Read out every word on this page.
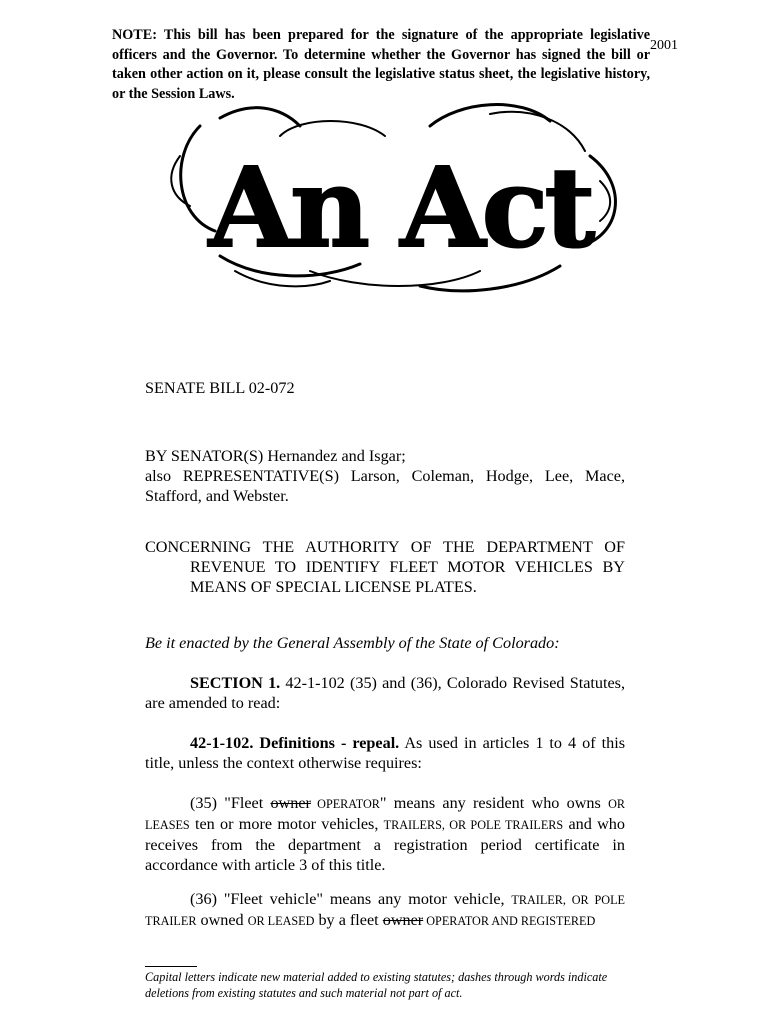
NOTE: This bill has been prepared for the signature of the appropriate legislative officers and the Governor. To determine whether the Governor has signed the bill or taken other action on it, please consult the legislative status sheet, the legislative history, or the Session Laws.
2001
An Act
SENATE BILL 02-072
BY SENATOR(S) Hernandez and Isgar;
also REPRESENTATIVE(S) Larson, Coleman, Hodge, Lee, Mace, Stafford, and Webster.
CONCERNING THE AUTHORITY OF THE DEPARTMENT OF
REVENUE TO IDENTIFY FLEET MOTOR VEHICLES BY MEANS OF SPECIAL LICENSE PLATES.
Be it enacted by the General Assembly of the State of Colorado:
SECTION 1. 42-1-102 (35) and (36), Colorado Revised Statutes, are amended to read:
42-1-102. Definitions - repeal. As used in articles 1 to 4 of this title, unless the context otherwise requires:
(35) "Fleet owner OPERATOR" means any resident who owns OR LEASES ten or more motor vehicles, TRAILERS, OR POLE TRAILERS and who receives from the department a registration period certificate in accordance with article 3 of this title.
(36) "Fleet vehicle" means any motor vehicle, TRAILER, OR POLE TRAILER owned OR LEASED by a fleet owner OPERATOR AND REGISTERED
Capital letters indicate new material added to existing statutes; dashes through words indicate deletions from existing statutes and such material not part of act.
